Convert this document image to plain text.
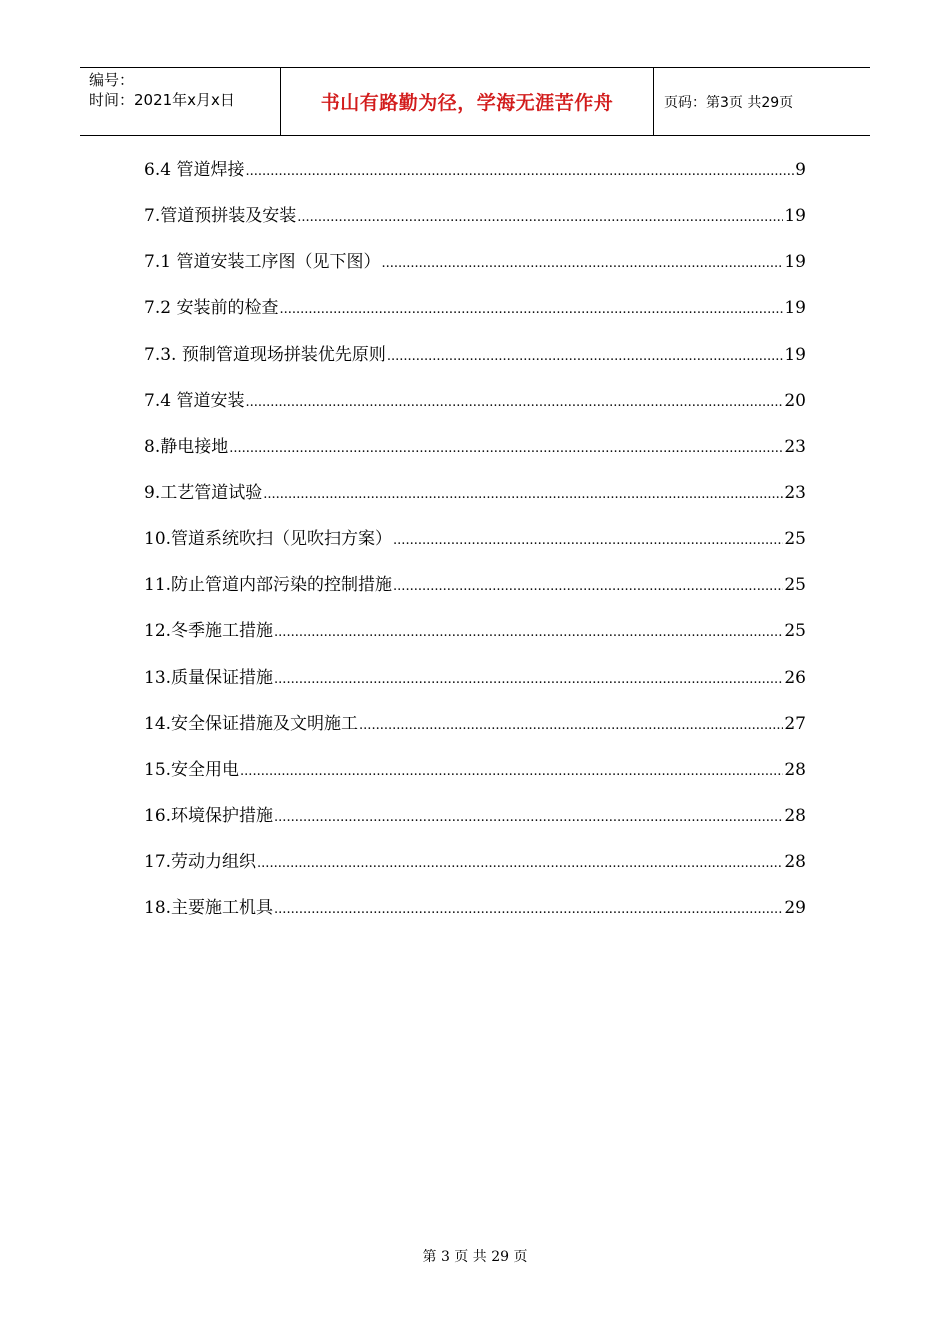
编号：
时间：2021年x月x日	书山有路勤为径，学海无涯苦作舟	页码：第3页 共29页
6.4 管道焊接 .....	9
7.管道预拼装及安装 .....	19
7.1 管道安装工序图（见下图） .....	19
7.2 安装前的检查 .....	19
7.3. 预制管道现场拼装优先原则 .....	19
7.4 管道安装 .....	20
8.静电接地 .....	23
9.工艺管道试验 .....	23
10.管道系统吹扫（见吹扫方案） .....	25
11.防止管道内部污染的控制措施 .....	25
12.冬季施工措施 .....	25
13.质量保证措施 .....	26
14.安全保证措施及文明施工 .....	27
15.安全用电 .....	28
16.环境保护措施 .....	28
17.劳动力组织 .....	28
18.主要施工机具 .....	29
第 3 页 共 29 页
